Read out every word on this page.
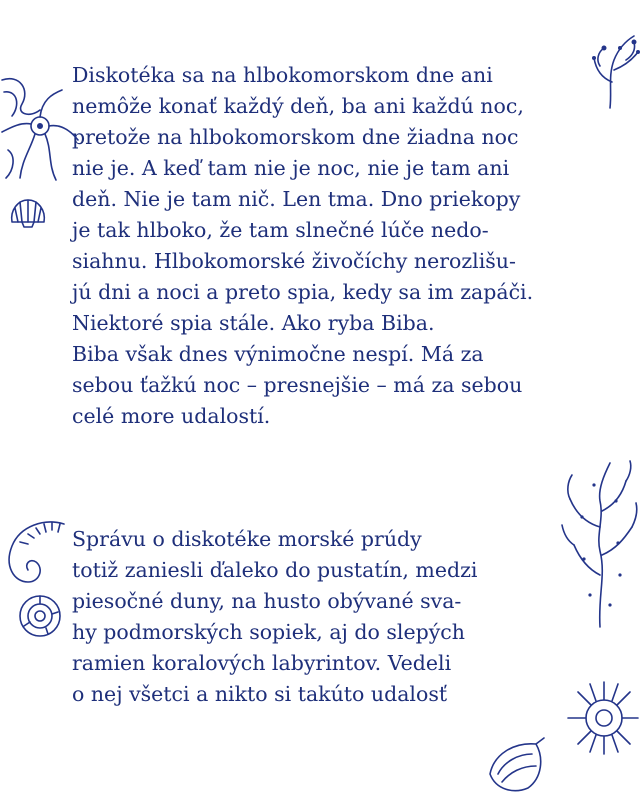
Diskotéka sa na hlbokomorskom dne ani
nemôže konať každý deň, ba ani každú noc,
pretože na hlbokomorskom dne žiadna noc
nie je. A keď tam nie je noc, nie je tam ani
deň. Nie je tam nič. Len tma. Dno priekopy
je tak hlboko, že tam slnečné lúče nedo-
siahnu. Hlbokomorské živočíchy nerozlišu-
jú dni a noci a preto spia, kedy sa im zapáči.
Niektoré spia stále. Ako ryba Biba.
Biba však dnes výnimočne nespí. Má za
sebou ťažkú noc – presnejšie – má za sebou
celé more udalostí.
Správu o diskotéke morské prúdy
totiž zaniesli ďaleko do pustatín, medzi
piesočné duny, na husto obývané sva-
hy podmorských sopiek, aj do slepých
ramien koralových labyrintov. Vedeli
o nej všetci a nikto si takúto udalosť
